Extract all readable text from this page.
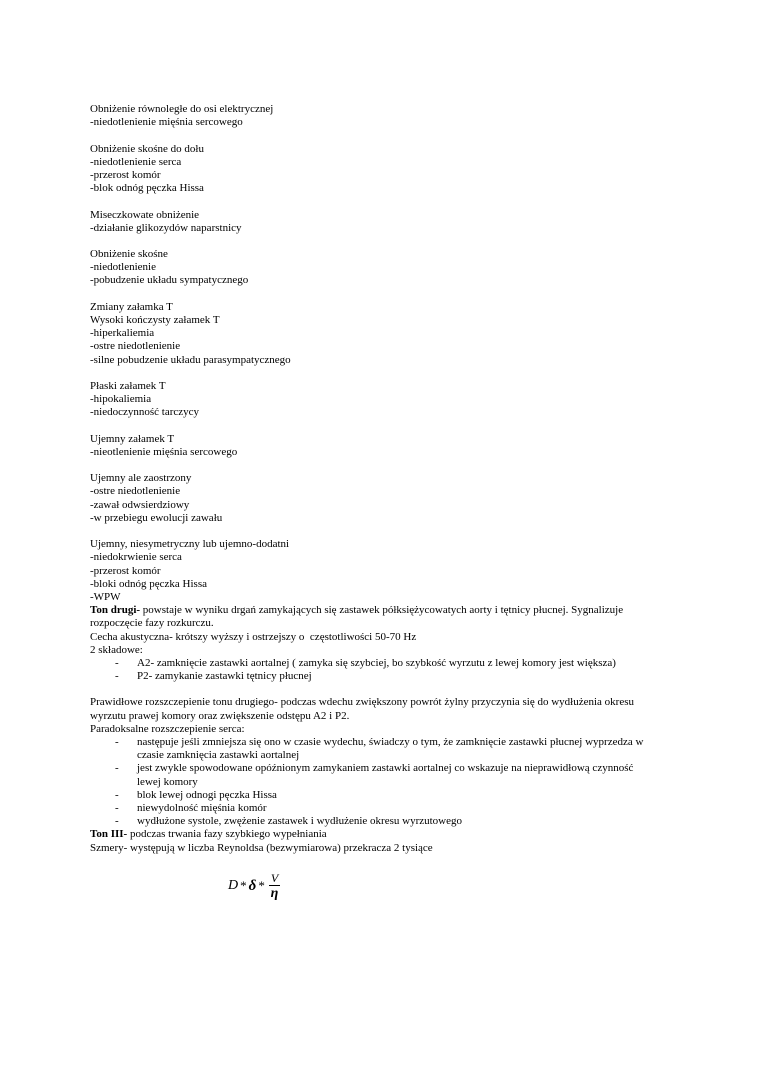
Obniżenie równoległe do osi elektrycznej
-niedotlenienie mięśnia sercowego
Obniżenie skośne do dołu
-niedotlenienie serca
-przerost komór
-blok odnóg pęczka Hissa
Miseczkowate obniżenie
-działanie glikozydów naparstnicy
Obniżenie skośne
-niedotlenienie
-pobudzenie układu sympatycznego
Zmiany załamka T
Wysoki kończysty załamek T
-hiperkaliemia
-ostre niedotlenienie
-silne pobudzenie układu parasympatycznego
Płaski załamek T
-hipokaliemia
-niedoczynność tarczycy
Ujemny załamek T
-nieotlenienie mięśnia sercowego
Ujemny ale zaostrzony
-ostre niedotlenienie
-zawał odwsierdziowy
-w przebiegu ewolucji zawału
Ujemny, niesymetryczny lub ujemno-dodatni
-niedokrwienie serca
-przerost komór
-bloki odnóg pęczka Hissa
-WPW
Ton drugi- powstaje w wyniku drgań zamykających się zastawek półksiężycowatych aorty i tętnicy płucnej. Sygnalizuje
rozpoczęcie fazy rozkurczu.
Cecha akustyczna- krótszy wyższy i ostrzejszy o  częstotliwości 50-70 Hz
2 składowe:
- A2- zamknięcie zastawki aortalnej ( zamyka się szybciej, bo szybkość wyrzutu z lewej komory jest większa)
- P2- zamykanie zastawki tętnicy płucnej
Prawidłowe rozszczepienie tonu drugiego- podczas wdechu zwiększony powrót żylny przyczynia się do wydłużenia okresu
wyrzutu prawej komory oraz zwiększenie odstępu A2 i P2.
Paradoksalne rozszczepienie serca:
- następuje jeśli zmniejsza się ono w czasie wydechu, świadczy o tym, że zamknięcie zastawki płucnej wyprzedza w
czasie zamknięcia zastawki aortalnej
- jest zwykle spowodowane opóźnionym zamykaniem zastawki aortalnej co wskazuje na nieprawidłową czynność
lewej komory
- blok lewej odnogi pęczka Hissa
- niewydolność mięśnia komór
- wydłużone systole, zwężenie zastawek i wydłużenie okresu wyrzutowego
Ton III- podczas trwania fazy szybkiego wypełniania
Szmery- występują w liczba Reynoldsa (bezwymiarowa) przekracza 2 tysiące
D * δ * $\frac{V}{\eta}$
